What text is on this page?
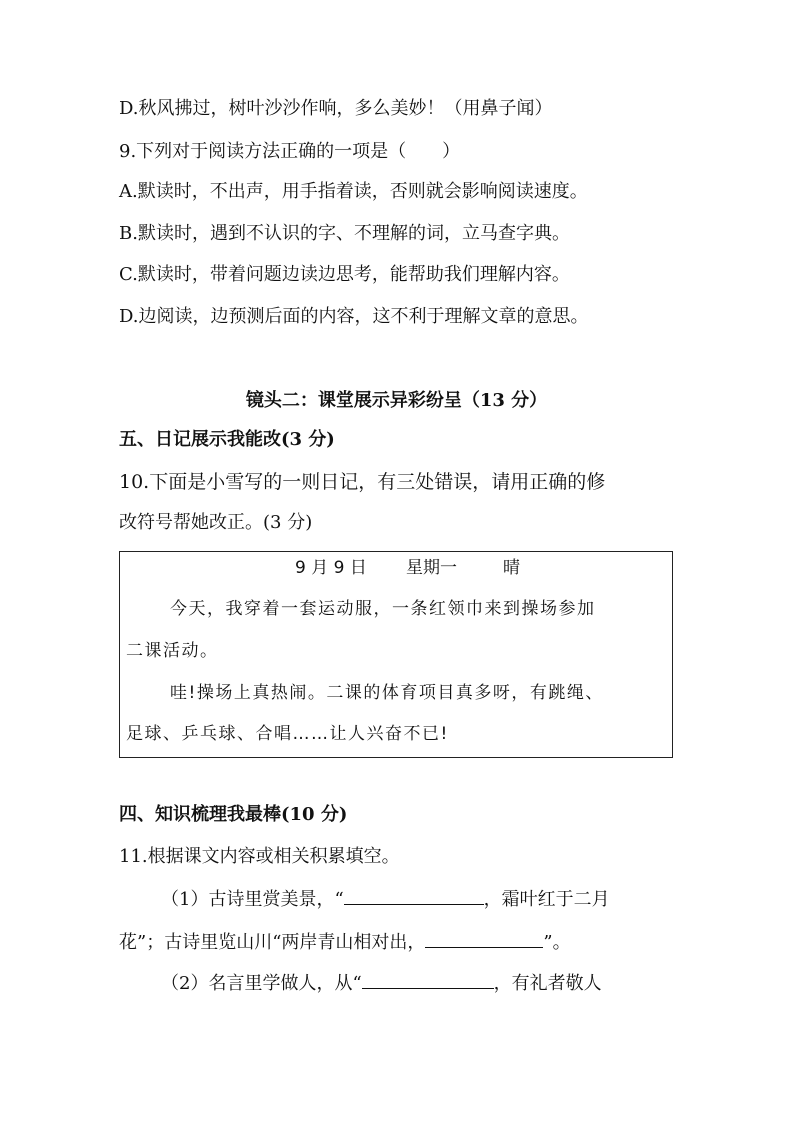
D.秋风拂过，树叶沙沙作响，多么美妙！（用鼻子闻）
9.下列对于阅读方法正确的一项是（　　）
A.默读时，不出声，用手指着读，否则就会影响阅读速度。
B.默读时，遇到不认识的字、不理解的词，立马查字典。
C.默读时，带着问题边读边思考，能帮助我们理解内容。
D.边阅读，边预测后面的内容，这不利于理解文章的意思。
镜头二：课堂展示异彩纷呈（13 分）
五、日记展示我能改(3 分)
10.下面是小雪写的一则日记，有三处错误，请用正确的修
改符号帮她改正。(3 分)
9 月 9 日 星期一	晴
今天，我穿着一套运动服，一条红领巾来到操场参加
二课活动。
哇!操场上真热闹。二课的体育项目真多呀，有跳绳、
足球、乒乓球、合唱……让人兴奋不已!
四、知识梳理我最棒(10 分)
11.根据课文内容或相关积累填空。
（1）古诗里赏美景，“	，霜叶红于二月
花”；古诗里览山川“两岸青山相对出，	”。
（2）名言里学做人，从“	，有礼者敬人
